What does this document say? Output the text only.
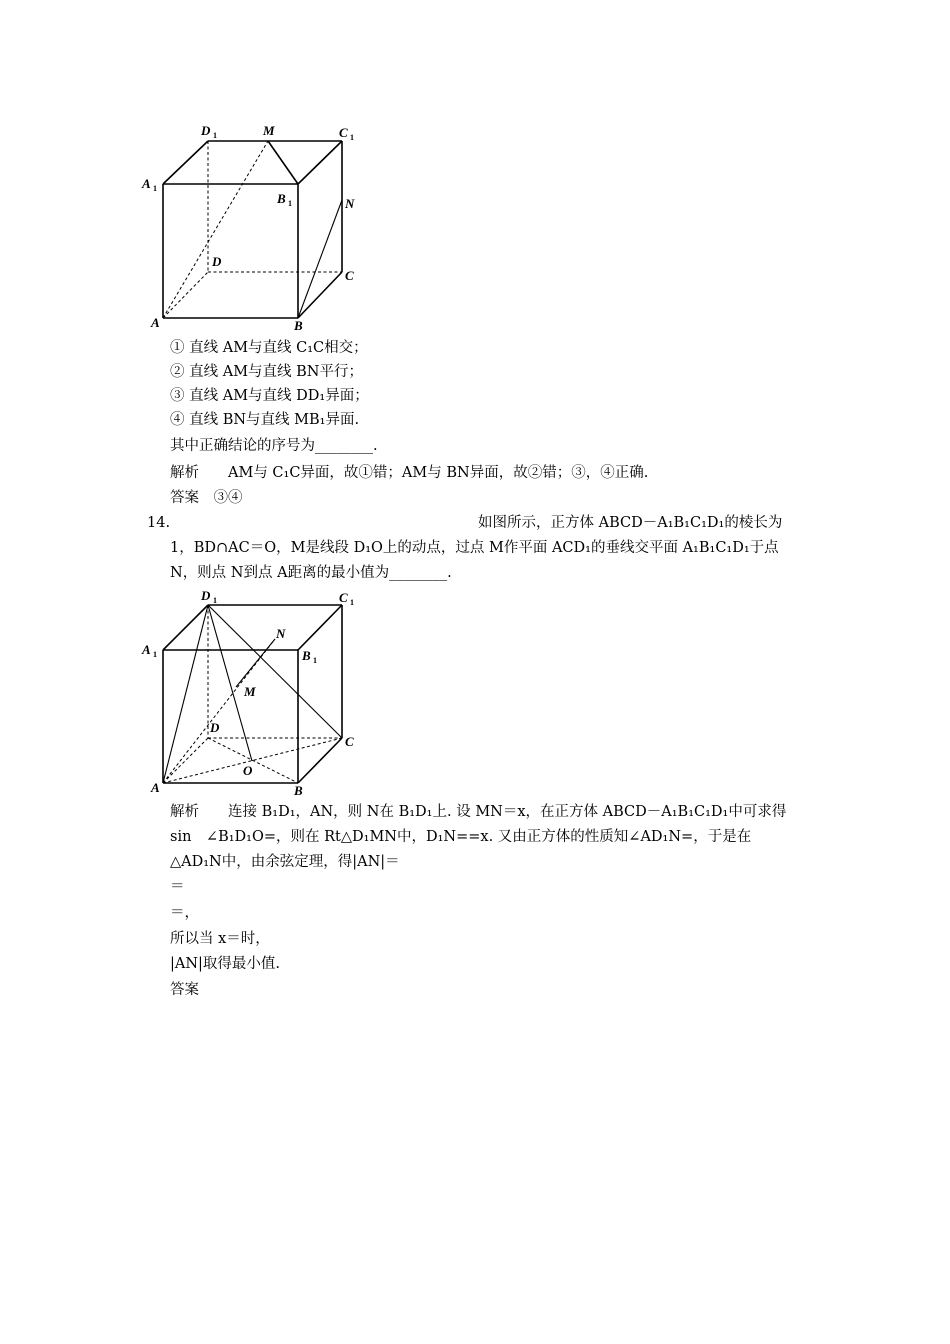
D 1	M	C 1
A 1
B 1	N
D
C
A	B
① 直线 AM与直线 C₁C相交；
② 直线 AM与直线 BN平行；
③ 直线 AM与直线 DD₁异面；
④ 直线 BN与直线 MB₁异面.
其中正确结论的序号为________.
解析　　AM与 C₁C异面，故①错；AM与 BN异面，故②错；③，④正确.
答案　③④
14.	如图所示，正方体 ABCD－A₁B₁C₁D₁的棱长为
1，BD∩AC＝O，M是线段 D₁O上的动点，过点 M作平面 ACD₁的垂线交平面 A₁B₁C₁D₁于点
N，则点 N到点 A距离的最小值为________.
D 1	C 1
A 1
N
B 1
M
D
C
O
A	B
解析　　连接 B₁D₁，AN，则 N在 B₁D₁上. 设 MN＝x，在正方体 ABCD－A₁B₁C₁D₁中可求得
sin　∠B₁D₁O=，则在 Rt△D₁MN中，D₁N==x. 又由正方体的性质知∠AD₁N=，于是在
△AD₁N中，由余弦定理，得|AN|＝
＝
＝，
所以当 x＝时，
|AN|取得最小值.
答案
